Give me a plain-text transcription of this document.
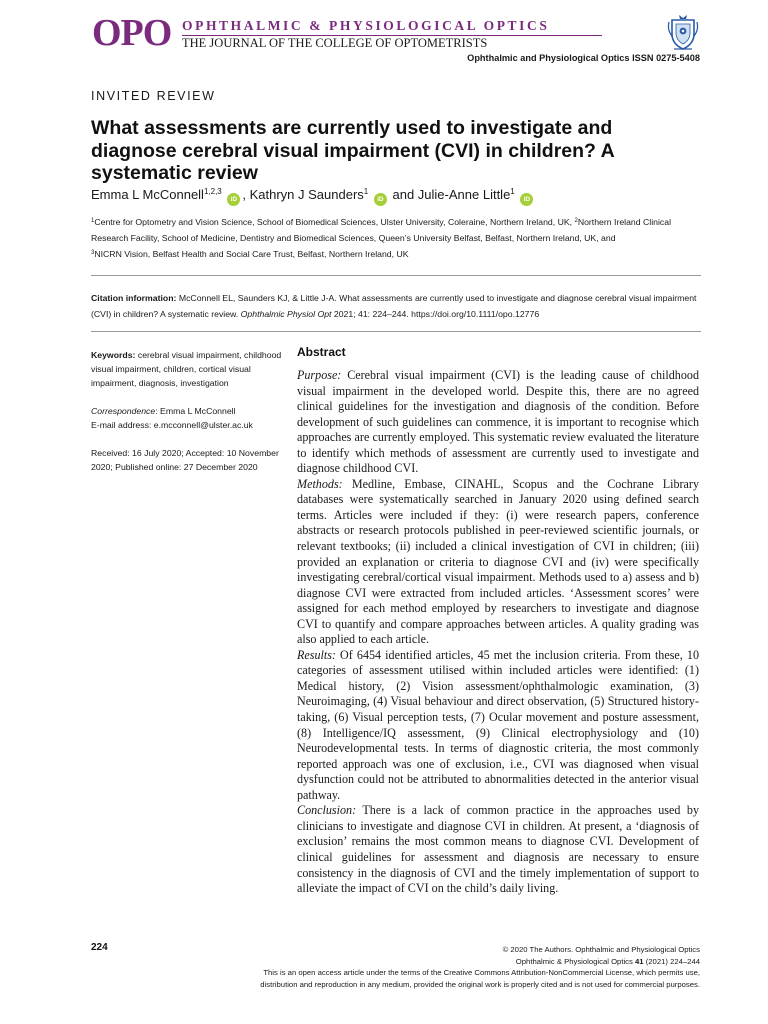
OPO OPHTHALMIC & PHYSIOLOGICAL OPTICS
THE JOURNAL OF THE COLLEGE OF OPTOMETRISTS
Ophthalmic and Physiological Optics ISSN 0275-5408
INVITED REVIEW
What assessments are currently used to investigate and diagnose cerebral visual impairment (CVI) in children? A systematic review
Emma L McConnell$^{1,2,3}$ iD , Kathryn J Saunders$^1$ iD and Julie-Anne Little$^1$ iD
$^1$Centre for Optometry and Vision Science, School of Biomedical Sciences, Ulster University, Coleraine, Northern Ireland, UK, $^2$Northern Ireland Clinical Research Facility, School of Medicine, Dentistry and Biomedical Sciences, Queen’s University Belfast, Belfast, Northern Ireland, UK, and
$^3$NICRN Vision, Belfast Health and Social Care Trust, Belfast, Northern Ireland, UK
Citation information: McConnell EL, Saunders KJ, & Little J-A. What assessments are currently used to investigate and diagnose cerebral visual impairment (CVI) in children? A systematic review. Ophthalmic Physiol Opt 2021; 41: 224–244. https://doi.org/10.1111/opo.12776
Keywords: cerebral visual impairment, childhood visual impairment, children, cortical visual impairment, diagnosis, investigation
Correspondence: Emma L McConnell
E-mail address: e.mcconnell@ulster.ac.uk
Received: 16 July 2020; Accepted: 10 November 2020; Published online: 27 December 2020
Abstract

Purpose: Cerebral visual impairment (CVI) is the leading cause of childhood visual impairment in the developed world. Despite this, there are no agreed clinical guidelines for the investigation and diagnosis of the condition. Before development of such guidelines can commence, it is important to recognise which approaches are currently employed. This systematic review evaluated the literature to identify which methods of assessment are currently used to investigate and diagnose childhood CVI.

Methods: Medline, Embase, CINAHL, Scopus and the Cochrane Library databases were systematically searched in January 2020 using defined search terms. Articles were included if they: (i) were research papers, conference abstracts or research protocols published in peer-reviewed scientific journals, or relevant textbooks; (ii) included a clinical investigation of CVI in children; (iii) provided an explanation or criteria to diagnose CVI and (iv) were specifically investigating cerebral/cortical visual impairment. Methods used to a) assess and b) diagnose CVI were extracted from included articles. ‘Assessment scores’ were assigned for each method employed by researchers to investigate and diagnose CVI to quantify and compare approaches between articles. A quality grading was also applied to each article.

Results: Of 6454 identified articles, 45 met the inclusion criteria. From these, 10 categories of assessment utilised within included articles were identified: (1) Medical history, (2) Vision assessment/ophthalmologic examination, (3) Neuroimaging, (4) Visual behaviour and direct observation, (5) Structured history-taking, (6) Visual perception tests, (7) Ocular movement and posture assessment, (8) Intelligence/IQ assessment, (9) Clinical electrophysiology and (10) Neurodevelopmental tests. In terms of diagnostic criteria, the most commonly reported approach was one of exclusion, i.e., CVI was diagnosed when visual dysfunction could not be attributed to abnormalities detected in the anterior visual pathway.

Conclusion: There is a lack of common practice in the approaches used by clinicians to investigate and diagnose CVI in children. At present, a ‘diagnosis of exclusion’ remains the most common means to diagnose CVI. Development of clinical guidelines for assessment and diagnosis are necessary to ensure consistency in the diagnosis of CVI and the timely implementation of support to alleviate the impact of CVI on the child’s daily living.

224	© 2020 The Authors. Ophthalmic and Physiological Optics
Ophthalmic & Physiological Optics 41 (2021) 224–244
This is an open access article under the terms of the Creative Commons Attribution-NonCommercial License, which permits use,
distribution and reproduction in any medium, provided the original work is properly cited and is not used for commercial purposes.
